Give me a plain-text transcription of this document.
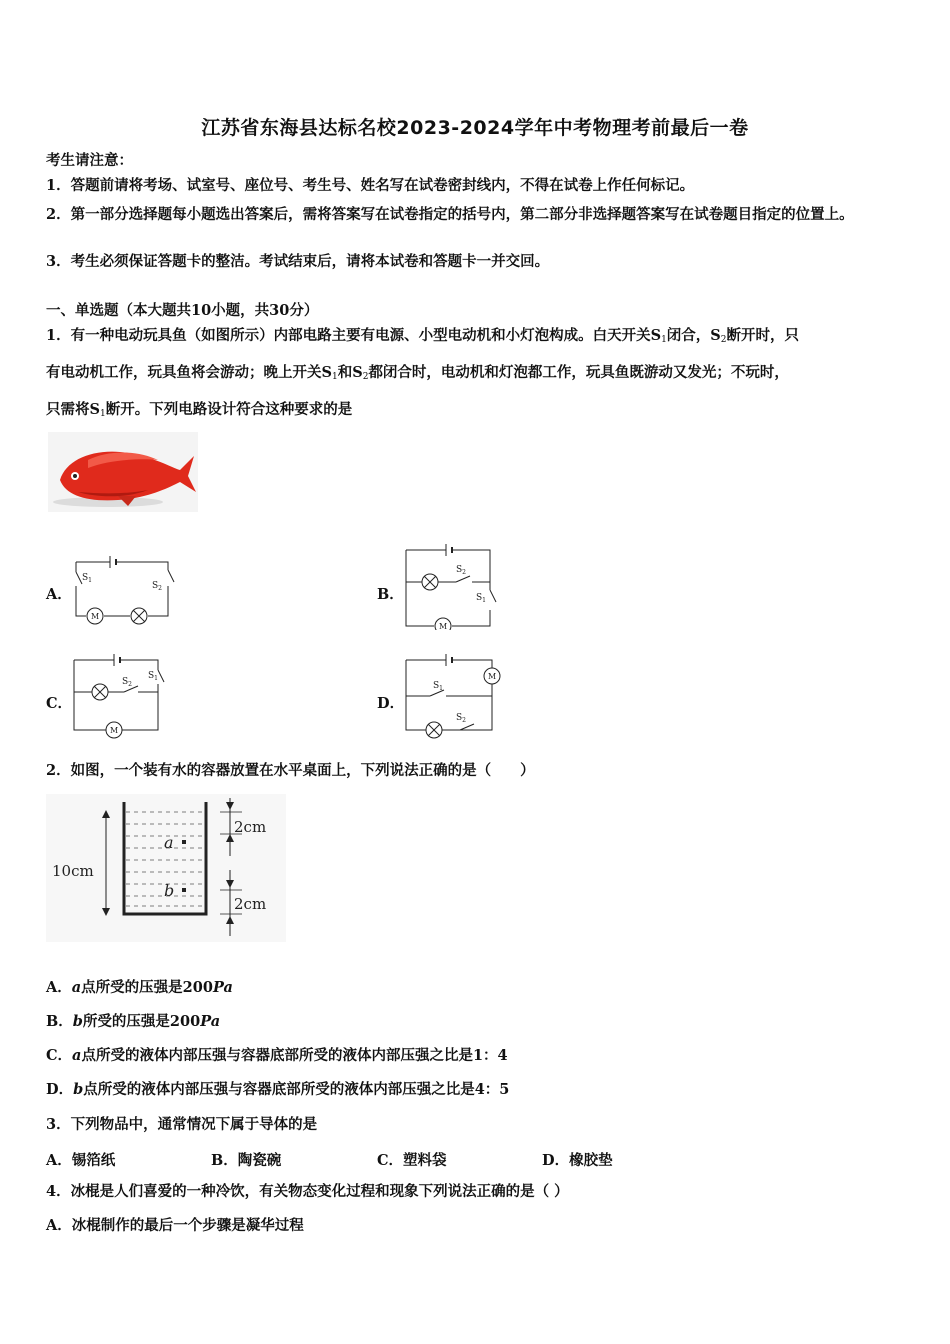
江苏省东海县达标名校2023-2024学年中考物理考前最后一卷
考生请注意：
1．答题前请将考场、试室号、座位号、考生号、姓名写在试卷密封线内，不得在试卷上作任何标记。
2．第一部分选择题每小题选出答案后，需将答案写在试卷指定的括号内，第二部分非选择题答案写在试卷题目指定的位置上。
3．考生必须保证答题卡的整洁。考试结束后，请将本试卷和答题卡一并交回。
一、单选题（本大题共10小题，共30分）
1．有一种电动玩具鱼（如图所示）内部电路主要有电源、小型电动机和小灯泡构成。白天开关$S_1$闭合，$S_2$断开时，只
有电动机工作，玩具鱼将会游动；晚上开关$S_1$和$S_2$都闭合时，电动机和灯泡都工作，玩具鱼既游动又发光；不玩时，
只需将$S_1$断开。下列电路设计符合这种要求的是
A．	B．
C．	D．
$S_1$
$S_2$
M
$S_2$
$S_1$
M
$S_2$
$S_1$
M
$S_1$
$S_2$
M
2．如图，一个装有水的容器放置在水平桌面上，下列说法正确的是（　　）
10cm
2cm
2cm
a
b
A．a点所受的压强是200Pa
B．b所受的压强是200Pa
C．a点所受的液体内部压强与容器底部所受的液体内部压强之比是1：4
D．b点所受的液体内部压强与容器底部所受的液体内部压强之比是4：5
3．下列物品中，通常情况下属于导体的是
A．锡箔纸	B．陶瓷碗	C．塑料袋	D．橡胶垫
4．冰棍是人们喜爱的一种冷饮，有关物态变化过程和现象下列说法正确的是（ ）
A．冰棍制作的最后一个步骤是凝华过程
